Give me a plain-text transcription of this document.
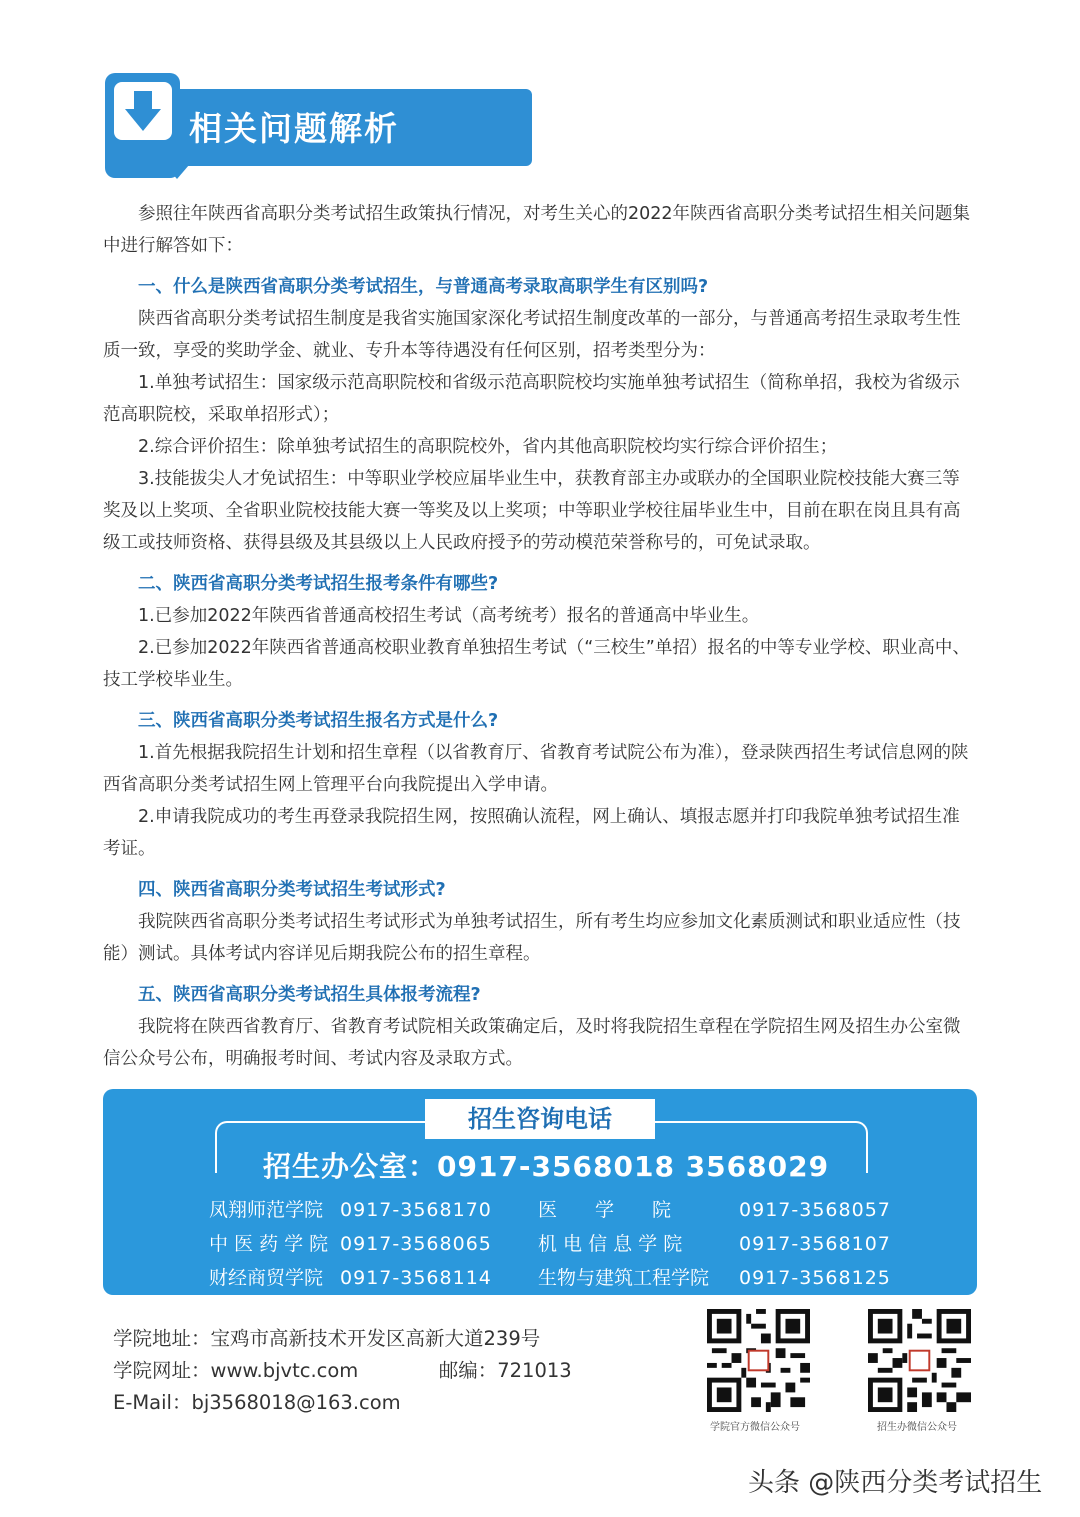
相关问题解析

参照往年陕西省高职分类考试招生政策执行情况，对考生关心的2022年陕西省高职分类考试招生相关问题集中进行解答如下：

一、什么是陕西省高职分类考试招生，与普通高考录取高职学生有区别吗?

陕西省高职分类考试招生制度是我省实施国家深化考试招生制度改革的一部分，与普通高考招生录取考生性质一致，享受的奖助学金、就业、专升本等待遇没有任何区别，招考类型分为：

1.单独考试招生：国家级示范高职院校和省级示范高职院校均实施单独考试招生（简称单招，我校为省级示范高职院校，采取单招形式）；

2.综合评价招生：除单独考试招生的高职院校外，省内其他高职院校均实行综合评价招生；

3.技能拔尖人才免试招生：中等职业学校应届毕业生中，获教育部主办或联办的全国职业院校技能大赛三等奖及以上奖项、全省职业院校技能大赛一等奖及以上奖项；中等职业学校往届毕业生中，目前在职在岗且具有高级工或技师资格、获得县级及其县级以上人民政府授予的劳动模范荣誉称号的，可免试录取。

二、陕西省高职分类考试招生报考条件有哪些?

1.已参加2022年陕西省普通高校招生考试（高考统考）报名的普通高中毕业生。

2.已参加2022年陕西省普通高校职业教育单独招生考试（“三校生”单招）报名的中等专业学校、职业高中、技工学校毕业生。

三、陕西省高职分类考试招生报名方式是什么?

1.首先根据我院招生计划和招生章程（以省教育厅、省教育考试院公布为准），登录陕西招生考试信息网的陕西省高职分类考试招生网上管理平台向我院提出入学申请。

2.申请我院成功的考生再登录我院招生网，按照确认流程，网上确认、填报志愿并打印我院单独考试招生准考证。

四、陕西省高职分类考试招生考试形式?

我院陕西省高职分类考试招生考试形式为单独考试招生，所有考生均应参加文化素质测试和职业适应性（技能）测试。具体考试内容详见后期我院公布的招生章程。

五、陕西省高职分类考试招生具体报考流程?

我院将在陕西省教育厅、省教育考试院相关政策确定后，及时将我院招生章程在学院招生网及招生办公室微信公众号公布，明确报考时间、考试内容及录取方式。

招生咨询电话
招生办公室：0917-3568018 3568029
凤翔师范学院 0917-3568170 医　　学　　院	0917-3568057
中 医 药 学 院 0917-3568065 机 电 信 息 学 院	0917-3568107
财经商贸学院 0917-3568114 生物与建筑工程学院 0917-3568125
学院地址：宝鸡市高新技术开发区高新大道239号
学院网址：www.bjvtc.com	邮编：721013
E-Mail：bj3568018@163.com
学院官方微信公众号	招生办微信公众号
头条 @陕西分类考试招生
